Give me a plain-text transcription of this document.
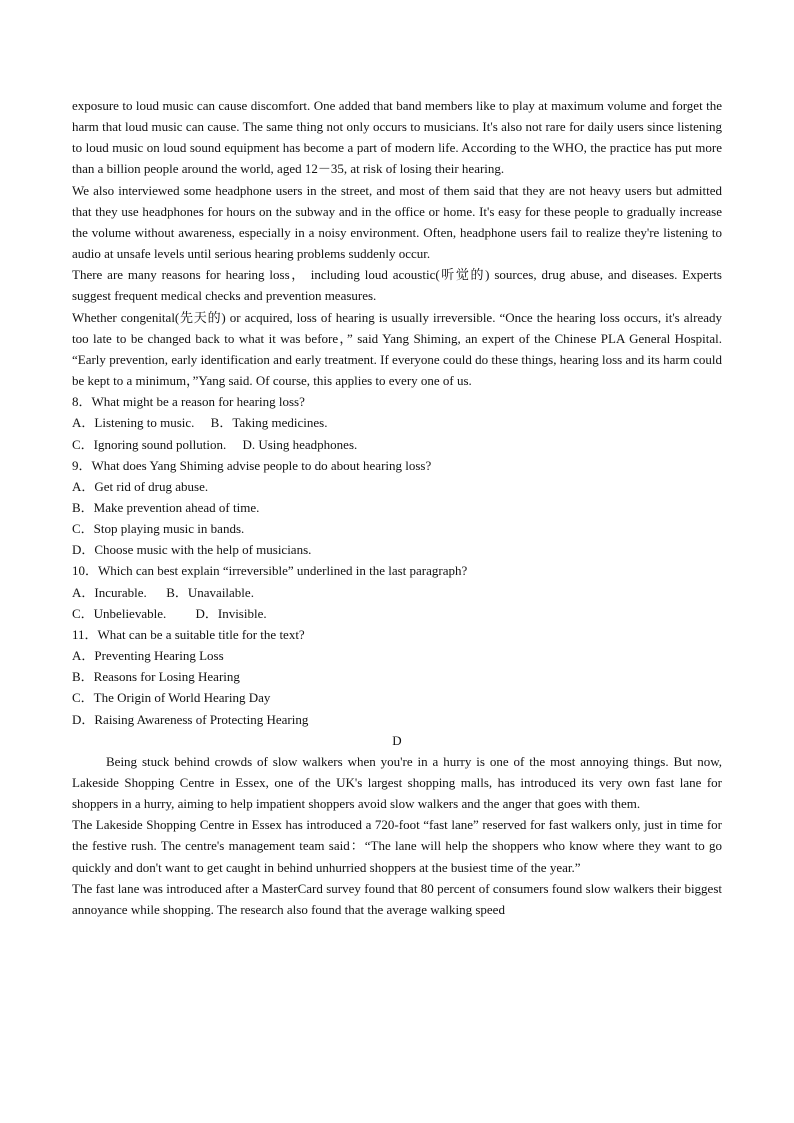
exposure to loud music can cause discomfort. One added that band members like to play at maximum volume and forget the harm that loud music can cause. The same thing not only occurs to musicians. It's also not rare for daily users since listening to loud music on loud sound equipment has become a part of modern life. According to the WHO, the practice has put more than a billion people around the world, aged 12－35, at risk of losing their hearing.

We also interviewed some headphone users in the street, and most of them said that they are not heavy users but admitted that they use headphones for hours on the subway and in the office or home. It's easy for these people to gradually increase the volume without awareness, especially in a noisy environment. Often, headphone users fail to realize they're listening to audio at unsafe levels until serious hearing problems suddenly occur.

There are many reasons for hearing loss， including loud acoustic(听觉的) sources, drug abuse, and diseases. Experts suggest frequent medical checks and prevention measures.

Whether congenital(先天的) or acquired, loss of hearing is usually irreversible. “Once the hearing loss occurs, it's already too late to be changed back to what it was before，” said Yang Shiming, an expert of the Chinese PLA General Hospital. “Early prevention, early identification and early treatment. If everyone could do these things, hearing loss and its harm could be kept to a minimum，”Yang said. Of course, this applies to every one of us.

8．What might be a reason for hearing loss?

A．Listening to music.     B．Taking medicines.

C．Ignoring sound pollution.     D. Using headphones.

9．What does Yang Shiming advise people to do about hearing loss?

A．Get rid of drug abuse.

B．Make prevention ahead of time.

C．Stop playing music in bands.

D．Choose music with the help of musicians.

10．Which can best explain “irreversible” underlined in the last paragraph?

A．Incurable.      B．Unavailable.

C．Unbelievable.         D．Invisible.

11．What can be a suitable title for the text?

A．Preventing Hearing Loss

B．Reasons for Losing Hearing

C．The Origin of World Hearing Day

D．Raising Awareness of Protecting Hearing

D

Being stuck behind crowds of slow walkers when you're in a hurry is one of the most annoying things. But now, Lakeside Shopping Centre in Essex, one of the UK's largest shopping malls, has introduced its very own fast lane for shoppers in a hurry, aiming to help impatient shoppers avoid slow walkers and the anger that goes with them.

The Lakeside Shopping Centre in Essex has introduced a 720-foot “fast lane” reserved for fast walkers only, just in time for the festive rush. The centre's management team said：“The lane will help the shoppers who know where they want to go quickly and don't want to get caught in behind unhurried shoppers at the busiest time of the year.”

The fast lane was introduced after a MasterCard survey found that 80 percent of consumers found slow walkers their biggest annoyance while shopping. The research also found that the average walking speed
